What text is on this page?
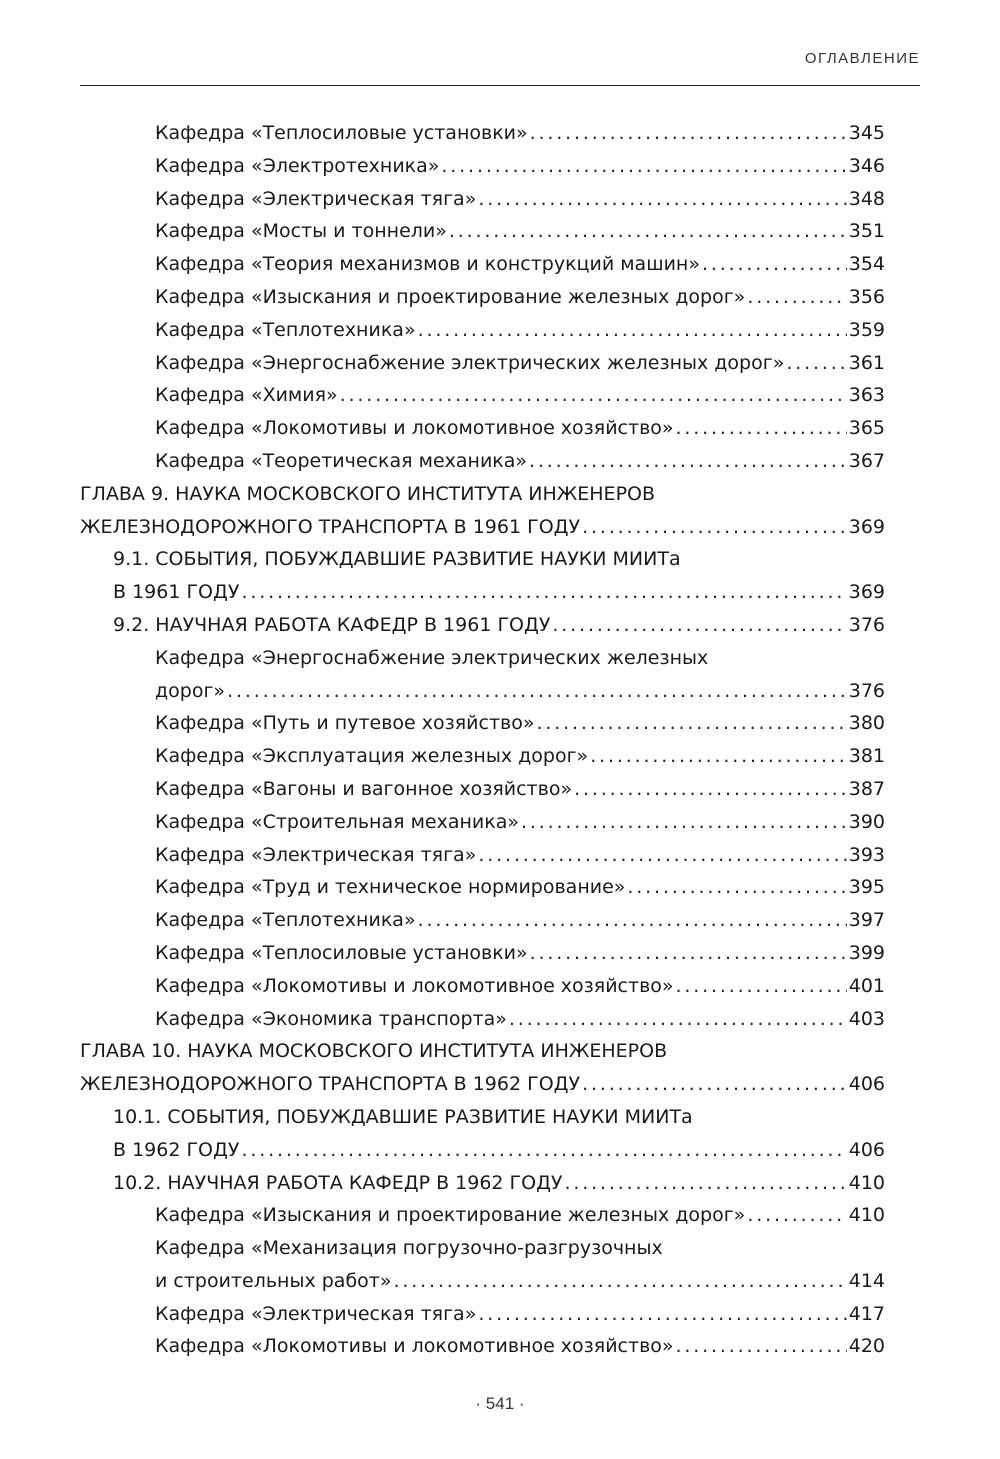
ОГЛАВЛЕНИЕ
Кафедра «Теплосиловые установки» . . .	345
Кафедра «Электротехника» . . .	346
Кафедра «Электрическая тяга» . . .	348
Кафедра «Мосты и тоннели» . . .	351
Кафедра «Теория механизмов и конструкций машин» . . .	354
Кафедра «Изыскания и проектирование железных дорог» . . .	356
Кафедра «Теплотехника» . . .	359
Кафедра «Энергоснабжение электрических железных дорог» . . .	361
Кафедра «Химия» . . .	363
Кафедра «Локомотивы и локомотивное хозяйство» . . .	365
Кафедра «Теоретическая механика» . . .	367
ГЛАВА 9. НАУКА МОСКОВСКОГО ИНСТИТУТА ИНЖЕНЕРОВ
ЖЕЛЕЗНОДОРОЖНОГО ТРАНСПОРТА В 1961 ГОДУ . . .	369
9.1. СОБЫТИЯ, ПОБУЖДАВШИЕ РАЗВИТИЕ НАУКИ МИИТа
В 1961 ГОДУ . . .	369
9.2. НАУЧНАЯ РАБОТА КАФЕДР В 1961 ГОДУ . . .	376
Кафедра «Энергоснабжение электрических железных
дорог» . . .	376
Кафедра «Путь и путевое хозяйство» . . .	380
Кафедра «Эксплуатация железных дорог» . . .	381
Кафедра «Вагоны и вагонное хозяйство» . . .	387
Кафедра «Строительная механика» . . .	390
Кафедра «Электрическая тяга» . . .	393
Кафедра «Труд и техническое нормирование» . . .	395
Кафедра «Теплотехника» . . .	397
Кафедра «Теплосиловые установки» . . .	399
Кафедра «Локомотивы и локомотивное хозяйство» . . .	401
Кафедра «Экономика транспорта» . . .	403
ГЛАВА 10. НАУКА МОСКОВСКОГО ИНСТИТУТА ИНЖЕНЕРОВ
ЖЕЛЕЗНОДОРОЖНОГО ТРАНСПОРТА В 1962 ГОДУ . . .	406
10.1. СОБЫТИЯ, ПОБУЖДАВШИЕ РАЗВИТИЕ НАУКИ МИИТа
В 1962 ГОДУ . . .	406
10.2. НАУЧНАЯ РАБОТА КАФЕДР В 1962 ГОДУ . . .	410
Кафедра «Изыскания и проектирование железных дорог» . . .	410
Кафедра «Механизация погрузочно-разгрузочных
и строительных работ» . . .	414
Кафедра «Электрическая тяга» . . .	417
Кафедра «Локомотивы и локомотивное хозяйство» . . .	420
· 541 ·
